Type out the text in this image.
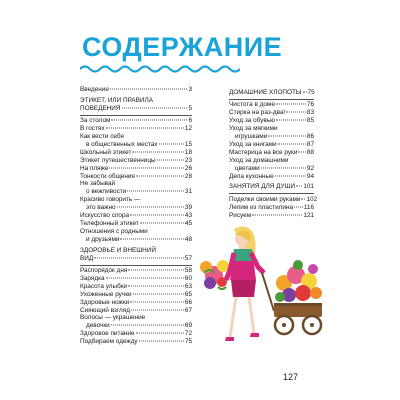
СОДЕРЖАНИЕ
Введение	3
ЭТИКЕТ, ИЛИ ПРАВИЛА
ПОВЕДЕНИЯ	5
За столом	6
В гостях	12
Как вести себя
в общественных местах	15
Школьный этикет	18
Этикет путешественницы	23
На пляже	26
Тонкости общения	28
Не забывай
о вежливости	31
Красиво говорить —
это важно	39
Искусство спора	43
Телефонный этикет	45
Отношения с родными
и друзьями	48
ЗДОРОВЬЕ И ВНЕШНИЙ
ВИД	57
Распорядок дня	58
Зарядка	60
Красота улыбки	63
Ухоженные ручки	65
Здоровые ножки	66
Сияющий взгляд	67
Волосы — украшение
девочки	69
Здоровое питание	72
Подбираем одежду	75
ДОМАШНИЕ ХЛОПОТЫ 75
Чистота в доме	76
Стирка на раз-два!	83
Уход за обувью	85
Уход за мягкими
игрушками	86
Уход за книгами	87
Мастерица на все руки 88
Уход за домашними
цветами	92
Дела кухонные	94
ЗАНЯТИЯ ДЛЯ ДУШИ 101
Поделки своими руками 102
Лепим из пластилина 116
Рисуем	121
127
